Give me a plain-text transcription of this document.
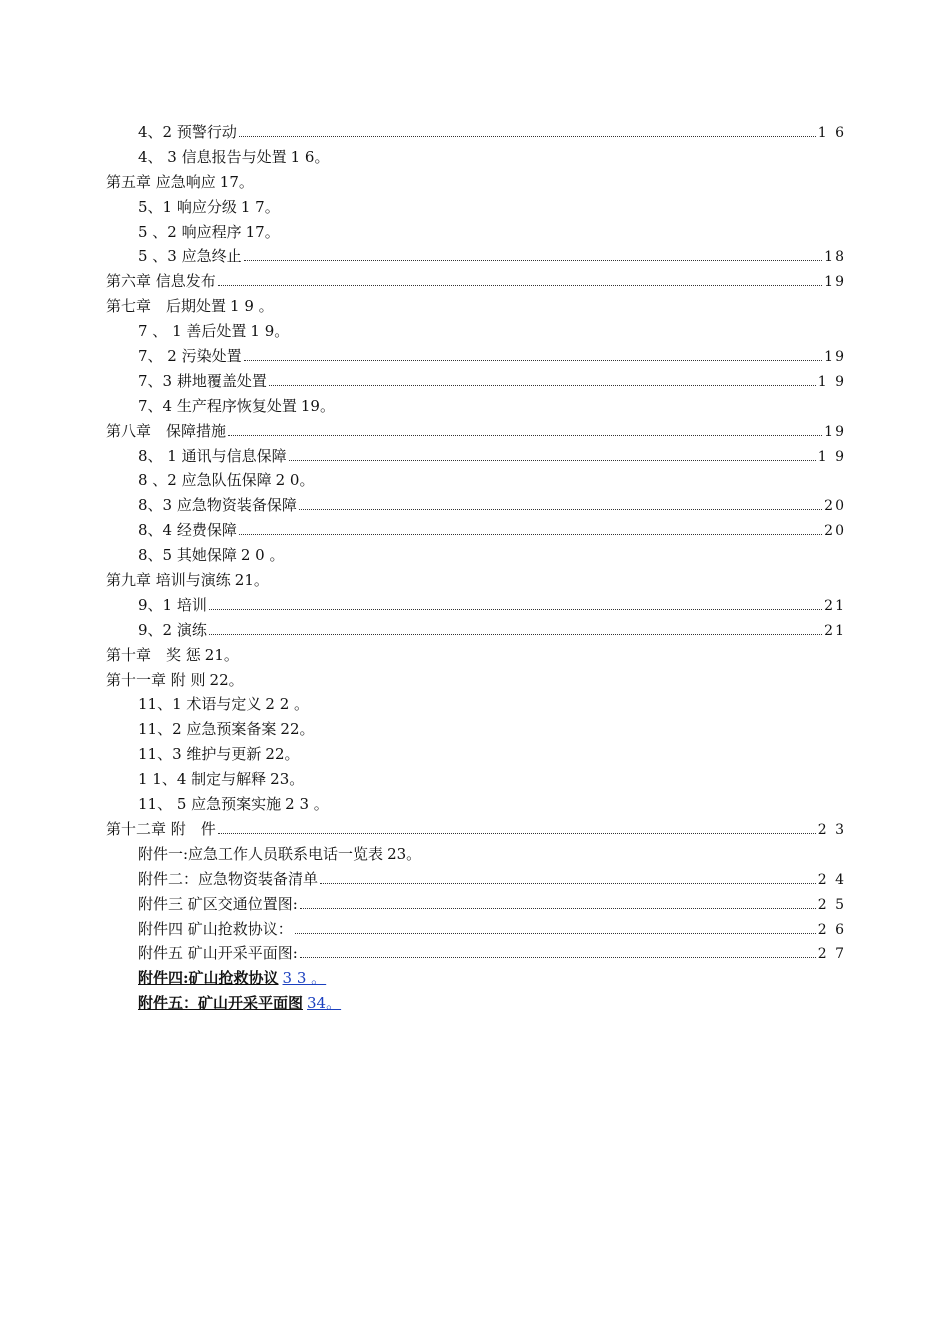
4、2 预警行动	1 6
4、 3 信息报告与处置 1 6。
第五章 应急响应 17。
5、1 响应分级 1 7。
5 、2 响应程序 17。
5 、3 应急终止	18
第六章 信息发布	19
第七章　后期处置 1 9 。
7 、 1 善后处置 1 9。
7、 2 污染处置	19
7、3 耕地覆盖处置	1 9
7、4 生产程序恢复处置 19。
第八章　保障措施	19
8、 1 通讯与信息保障	1 9
8 、2 应急队伍保障 2 0。
8、3 应急物资装备保障	20
8、4 经费保障	20
8、5 其她保障 2 0 。
第九章 培训与演练 21。
9、1 培训	21
9、2 演练	21
第十章　奖 惩 21。
第十一章 附 则 22。
11、1 术语与定义 2 2 。
11、2 应急预案备案 22。
11、3 维护与更新 22。
1 1、4 制定与解释 23。
11、 5 应急预案实施 2 3 。
第十二章 附　件	2 3
附件一:应急工作人员联系电话一览表 23。
附件二：应急物资装备清单	2 4
附件三 矿区交通位置图:	2 5
附件四 矿山抢救协议：	2 6
附件五 矿山开采平面图:	2 7
附件四:矿山抢救协议 3 3 。
附件五：矿山开采平面图 34。
